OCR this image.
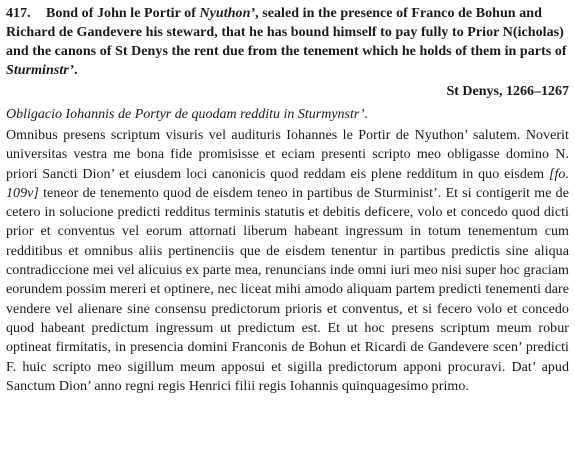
417. Bond of John le Portir of Nyuthon’, sealed in the presence of Franco de Bohun and Richard de Gandevere his steward, that he has bound himself to pay fully to Prior N(icholas) and the canons of St Denys the rent due from the tenement which he holds of them in parts of Sturminstr’.

St Denys, 1266–1267
Obligacio Iohannis de Portyr de quodam redditu in Sturmynstr’.

Omnibus presens scriptum visuris vel audituris Iohannes le Portir de Nyuthon’ salutem. Noverit universitas vestra me bona fide promisisse et eciam presenti scripto meo obligasse domino N. priori Sancti Dion’ et eiusdem loci canonicis quod reddam eis plene redditum in quo eisdem [fo. 109v] teneor de tenemento quod de eisdem teneo in partibus de Sturminist’. Et si contigerit me de cetero in solucione predicti redditus terminis statutis et debitis deficere, volo et concedo quod dicti prior et conventus vel eorum attornati liberum habeant ingressum in totum tenementum cum redditibus et omnibus aliis pertinenciis que de eisdem tenentur in partibus predictis sine aliqua contradiccione mei vel alicuius ex parte mea, renuncians inde omni iuri meo nisi super hoc graciam eorundem possim mereri et optinere, nec liceat mihi amodo aliquam partem predicti tenementi dare vendere vel alienare sine consensu predictorum prioris et conventus, et si fecero volo et concedo quod habeant predictum ingressum ut predictum est. Et ut hoc presens scriptum meum robur optineat firmitatis, in presencia domini Franconis de Bohun et Ricardi de Gandevere scen’ predicti F. huic scripto meo sigillum meum apposui et sigilla predictorum apponi procuravi. Dat’ apud Sanctum Dion’ anno regni regis Henrici filii regis Iohannis quinquagesimo primo.
